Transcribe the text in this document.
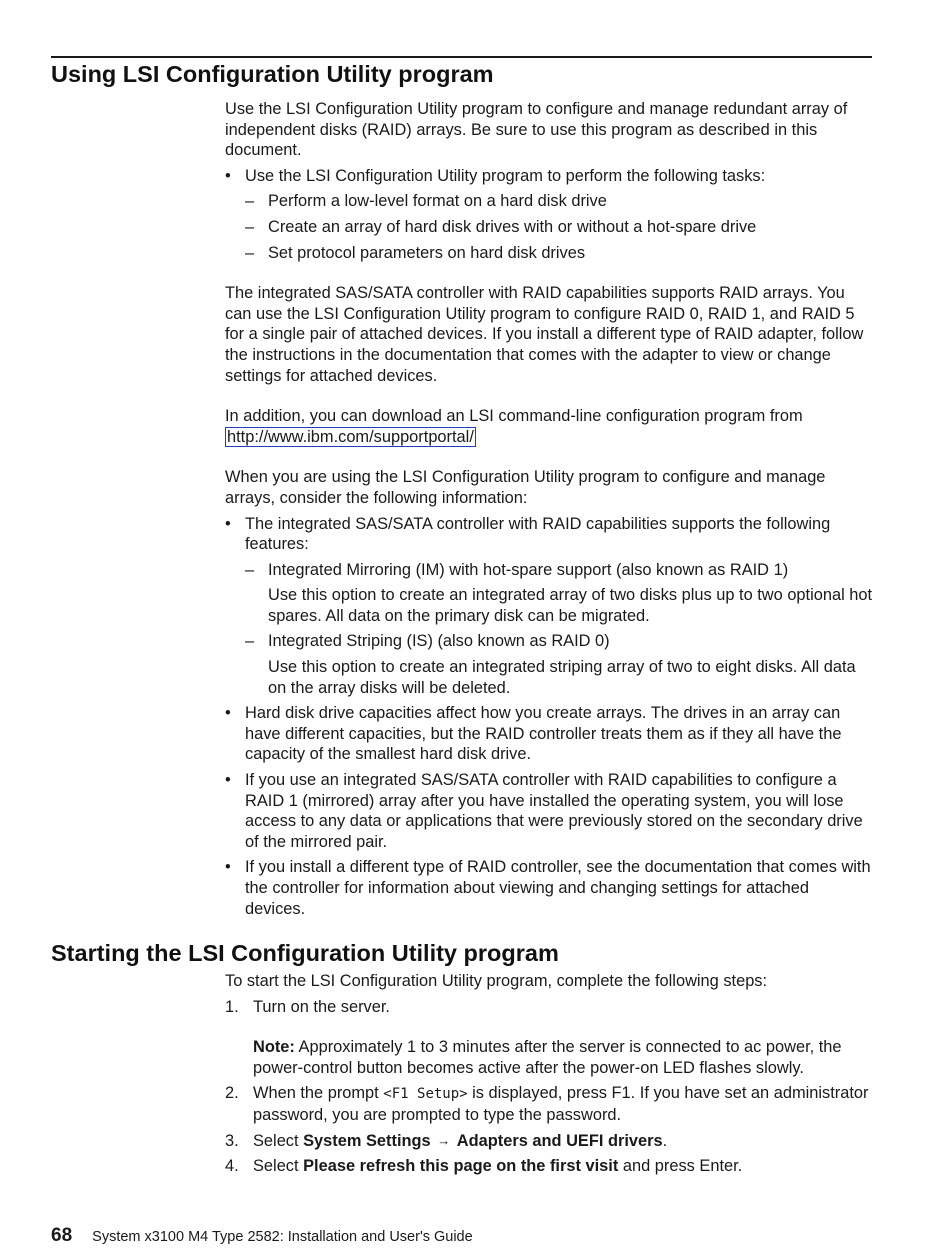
Using LSI Configuration Utility program

Use the LSI Configuration Utility program to configure and manage redundant array of independent disks (RAID) arrays. Be sure to use this program as described in this document.

• Use the LSI Configuration Utility program to perform the following tasks:
– Perform a low-level format on a hard disk drive
– Create an array of hard disk drives with or without a hot-spare drive
– Set protocol parameters on hard disk drives

The integrated SAS/SATA controller with RAID capabilities supports RAID arrays. You can use the LSI Configuration Utility program to configure RAID 0, RAID 1, and RAID 5 for a single pair of attached devices. If you install a different type of RAID adapter, follow the instructions in the documentation that comes with the adapter to view or change settings for attached devices.

In addition, you can download an LSI command-line configuration program from
http://www.ibm.com/supportportal/

When you are using the LSI Configuration Utility program to configure and manage arrays, consider the following information:

• The integrated SAS/SATA controller with RAID capabilities supports the following features:
– Integrated Mirroring (IM) with hot-spare support (also known as RAID 1)

Use this option to create an integrated array of two disks plus up to two optional hot spares. All data on the primary disk can be migrated.

– Integrated Striping (IS) (also known as RAID 0)

Use this option to create an integrated striping array of two to eight disks. All data on the array disks will be deleted.

• Hard disk drive capacities affect how you create arrays. The drives in an array can have different capacities, but the RAID controller treats them as if they all have the capacity of the smallest hard disk drive.
• If you use an integrated SAS/SATA controller with RAID capabilities to configure a RAID 1 (mirrored) array after you have installed the operating system, you will lose access to any data or applications that were previously stored on the secondary drive of the mirrored pair.
• If you install a different type of RAID controller, see the documentation that comes with the controller for information about viewing and changing settings for attached devices.
Starting the LSI Configuration Utility program

To start the LSI Configuration Utility program, complete the following steps:

1. Turn on the server.

Note: Approximately 1 to 3 minutes after the server is connected to ac power, the power-control button becomes active after the power-on LED flashes slowly.

2. When the prompt <F1 Setup> is displayed, press F1. If you have set an administrator password, you are prompted to type the password.
3. Select System Settings → Adapters and UEFI drivers.
4. Select Please refresh this page on the first visit and press Enter.
68 System x3100 M4 Type 2582: Installation and User's Guide
